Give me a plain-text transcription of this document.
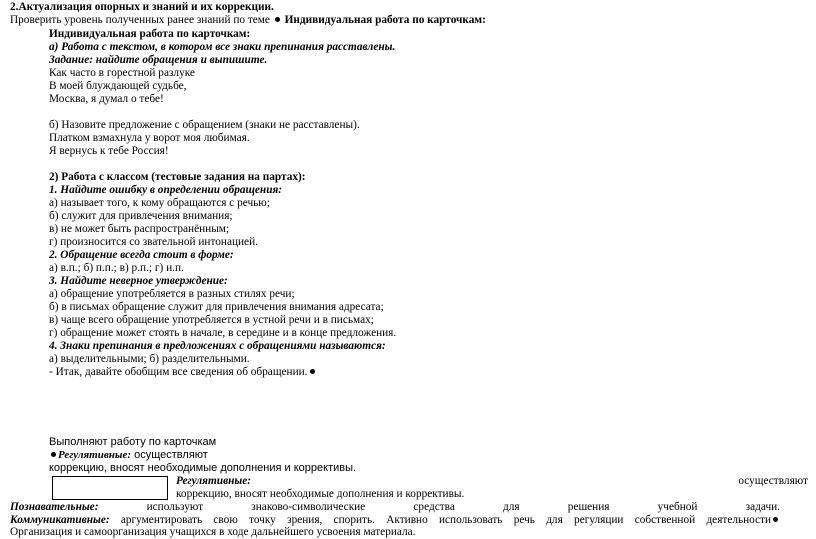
2.Актуализация опорных и знаний и их коррекции.
Проверить уровень полученных ранее знаний по теме  Индивидуальная работа по карточкам:
Индивидуальная работа по карточкам:
а) Работа с текстом, в котором все знаки препинания расставлены.
Задание: найдите обращения и выпишите.
Как часто в горестной разлуке
В моей блуждающей судьбе,
Москва, я думал о тебе!
б) Назовите предложение с обращением (знаки не расставлены).
Платком взмахнула у ворот моя любимая.
Я вернусь к тебе Россия!
2) Работа с классом (тестовые задания на партах):
1. Найдите ошибку в определении обращения:
а) называет того, к кому обращаются с речью;
б) служит для привлечения внимания;
в) не может быть распространённым;
г) произносится со звательной интонацией.
2. Обращение всегда стоит в форме:
а) в.п.; б) п.п.; в) р.п.; г) и.п.
3. Найдите неверное утверждение:
а) обращение употребляется в разных стилях речи;
б) в письмах обращение служит для привлечения внимания адресата;
в) чаще всего обращение употребляется в устной речи и в письмах;
г) обращение может стоять в начале, в середине и в конце предложения.
4. Знаки препинания в предложениях с обращениями называются:
а) выделительными; б) разделительными.
- Итак, давайте обобщим все сведения об обращении.
Выполняют работу по карточкам
Регулятивные: осуществляют
коррекцию, вносят необходимые дополнения и коррективы.
Регулятивные:	осуществляют
коррекцию, вносят необходимые дополнения и коррективы.
Познавательные:	используют	знаково-символические	средства	для	решения	учебной	задачи.
Коммуникативные: аргументировать свою точку зрения, спорить. Активно использовать речь для регуляции собственной деятельности
Организация и самоорганизация учащихся в ходе дальнейшего усвоения материала.
